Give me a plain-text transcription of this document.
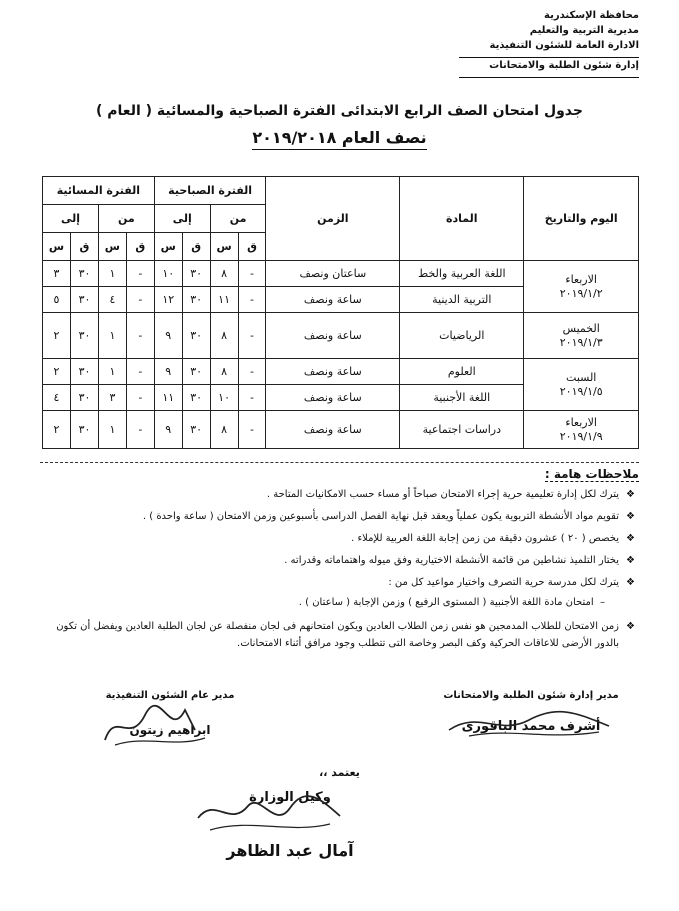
محافظة الإسكندرية
مديرية التربية والتعليم
الادارة العامة للشئون التنفيذية
إدارة شئون الطلبة والامتحانات
جدول امتحان الصف الرابع الابتدائى الفترة الصباحية والمسائية ( العام )
نصف العام ٢٠١٩/٢٠١٨
اليوم والتاريخ	المادة	الزمن	الفترة الصباحية				الفترة المسائية			
			من		إلى		من		إلى	
			ق	س	ق	س	ق	س	ق	س

الاربعاء
٢٠١٩/١/٢	اللغة العربية والخط	ساعتان ونصف	-	٨	٣٠	١٠	-	١	٣٠	٣
	التربية الدينية	ساعة ونصف	-	١١	٣٠	١٢	-	٤	٣٠	٥

الخميس
٢٠١٩/١/٣	الرياضيات	ساعة ونصف	-	٨	٣٠	٩	-	١	٣٠	٢

السبت
٢٠١٩/١/٥	العلوم	ساعة ونصف	-	٨	٣٠	٩	-	١	٣٠	٢
	اللغة الأجنبية	ساعة ونصف	-	١٠	٣٠	١١	-	٣	٣٠	٤

الاربعاء
٢٠١٩/١/٩	دراسات اجتماعية	ساعة ونصف	-	٨	٣٠	٩	-	١	٣٠	٢
ملاحظات هامة :
❖
يترك لكل إدارة تعليمية حرية إجراء الامتحان صباحاً أو مساء حسب الامكانيات المتاحة .
❖
تقويم مواد الأنشطة التربوية يكون عملياً ويعقد قبل نهاية الفصل الدراسى بأسبوعين وزمن الامتحان ( ساعة واحدة ) .
❖
يخصص ( ٢٠ ) عشرون دقيقة من زمن إجابة اللغة العربية للإملاء .
❖
يختار التلميذ نشاطين من قائمة الأنشطة الاختيارية وفق ميوله واهتماماته وقدراته .
❖
يترك لكل مدرسة حرية التصرف واختيار مواعيد كل من :
–

امتحان مادة اللغة الأجنبية ( المستوى الرفيع ) وزمن الإجابة ( ساعتان ) .
❖
زمن الامتحان للطلاب المدمجين هو نفس زمن الطلاب العادين ويكون امتحانهم فى لجان منفصلة عن لجان الطلبة العادين ويفضل أن تكون بالدور الأرضى للاعاقات الحركية وكف البصر وخاصة التى تتطلب وجود مرافق أثناء الامتحانات.
مدير إدارة شئون الطلبة والامتحانات
أشرف محمد الباقورى
مدير عام الشئون التنفيذية
ابراهيم زيتون
يعتمد ،،
وكيل الوزارة
آمال عبد الظاهر
